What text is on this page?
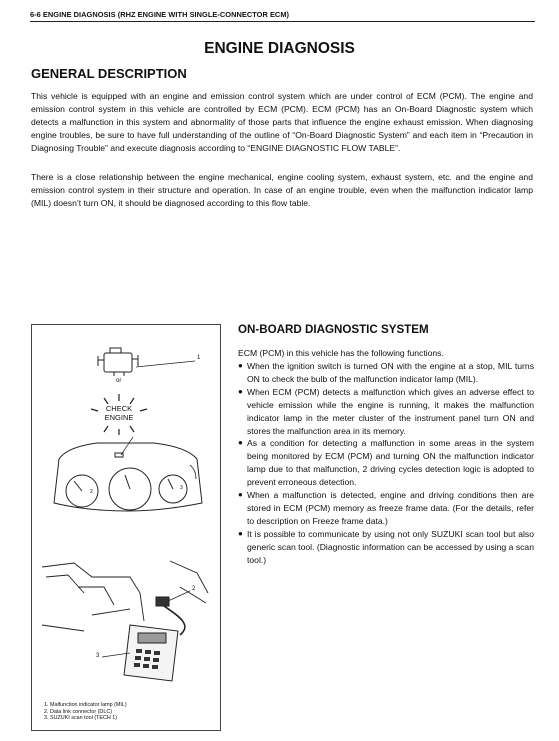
6-6 ENGINE DIAGNOSIS (RHZ ENGINE WITH SINGLE-CONNECTOR ECM)
ENGINE DIAGNOSIS
GENERAL DESCRIPTION

This vehicle is equipped with an engine and emission control system which are under control of ECM (PCM). The engine and emission control system in this vehicle are controlled by ECM (PCM). ECM (PCM) has an On-Board Diagnostic system which detects a malfunction in this system and abnormality of those parts that influence the engine exhaust emission. When diagnosing engine troubles, be sure to have full understanding of the outline of “On-Board Diagnostic System” and each item in “Precaution in Diagnosing Trouble” and execute diagnosis according to “ENGINE DIAGNOSTIC FLOW TABLE”.

There is a close relationship between the engine mechanical, engine cooling system, exhaust system, etc. and the engine and emission control system in their structure and operation. In case of an engine trouble, even when the malfunction indicator lamp (MIL) doesn’t turn ON, it should be diagnosed according to this flow table.

or
CHECK
ENGINE
1
2
3
2
3
1. Malfunction indicator lamp (MIL)
2. Data link connector (DLC)
3. SUZUKI scan tool (TECH 1)
ON-BOARD DIAGNOSTIC SYSTEM

ECM (PCM) in this vehicle has the following functions.

● When the ignition switch is turned ON with the engine at a stop, MIL turns ON to check the bulb of the malfunction indicator lamp (MIL).
● When ECM (PCM) detects a malfunction which gives an adverse effect to vehicle emission while the engine is running, it makes the malfunction indicator lamp in the meter cluster of the instrument panel turn ON and stores the malfunction area in its memory.
● As a condition for detecting a malfunction in some areas in the system being monitored by ECM (PCM) and turning ON the malfunction indicator lamp due to that malfunction, 2 driving cycles detection logic is adopted to prevent erroneous detection.
● When a malfunction is detected, engine and driving conditions then are stored in ECM (PCM) memory as freeze frame data. (For the details, refer to description on Freeze frame data.)
● It is possible to communicate by using not only SUZUKI scan tool but also generic scan tool. (Diagnostic information can be accessed by using a scan tool.)
